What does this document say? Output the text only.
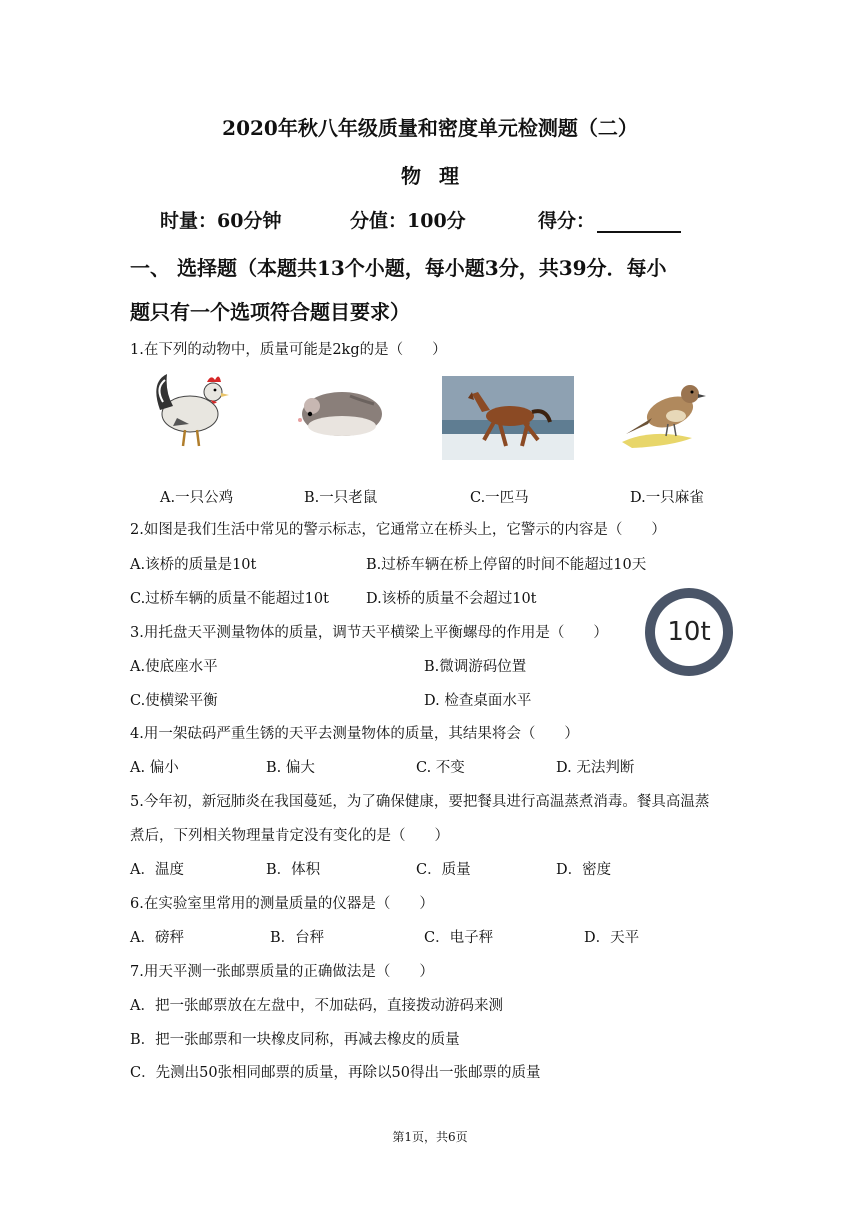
2020年秋八年级质量和密度单元检测题（二）
物理
时量：60分钟	分值：100分	得分：
一、 选择题（本题共13个小题，每小题3分，共39分．每小
题只有一个选项符合题目要求）
1.在下列的动物中，质量可能是2kg的是（　　）
A.一只公鸡	B.一只老鼠	C.一匹马	D.一只麻雀
2.如图是我们生活中常见的警示标志，它通常立在桥头上，它警示的内容是（　　）
A.该桥的质量是10t	B.过桥车辆在桥上停留的时间不能超过10天
C.过桥车辆的质量不能超过10t	D.该桥的质量不会超过10t
10t
3.用托盘天平测量物体的质量，调节天平横梁上平衡螺母的作用是（　　）
A.使底座水平	B.微调游码位置
C.使横梁平衡	D. 检查桌面水平
4.用一架砝码严重生锈的天平去测量物体的质量，其结果将会（　　）
A. 偏小	B. 偏大	C. 不变	D. 无法判断
5.今年初，新冠肺炎在我国蔓延，为了确保健康，要把餐具进行高温蒸煮消毒。餐具高温蒸
煮后，下列相关物理量肯定没有变化的是（　　）
A．温度	B．体积	C．质量	D．密度
6.在实验室里常用的测量质量的仪器是（　　）
A．磅秤	B．台秤	C．电子秤	D．天平
7.用天平测一张邮票质量的正确做法是（　　）
A．把一张邮票放在左盘中，不加砝码，直接拨动游码来测
B．把一张邮票和一块橡皮同称，再减去橡皮的质量
C．先测出50张相同邮票的质量，再除以50得出一张邮票的质量
第1页，共6页
